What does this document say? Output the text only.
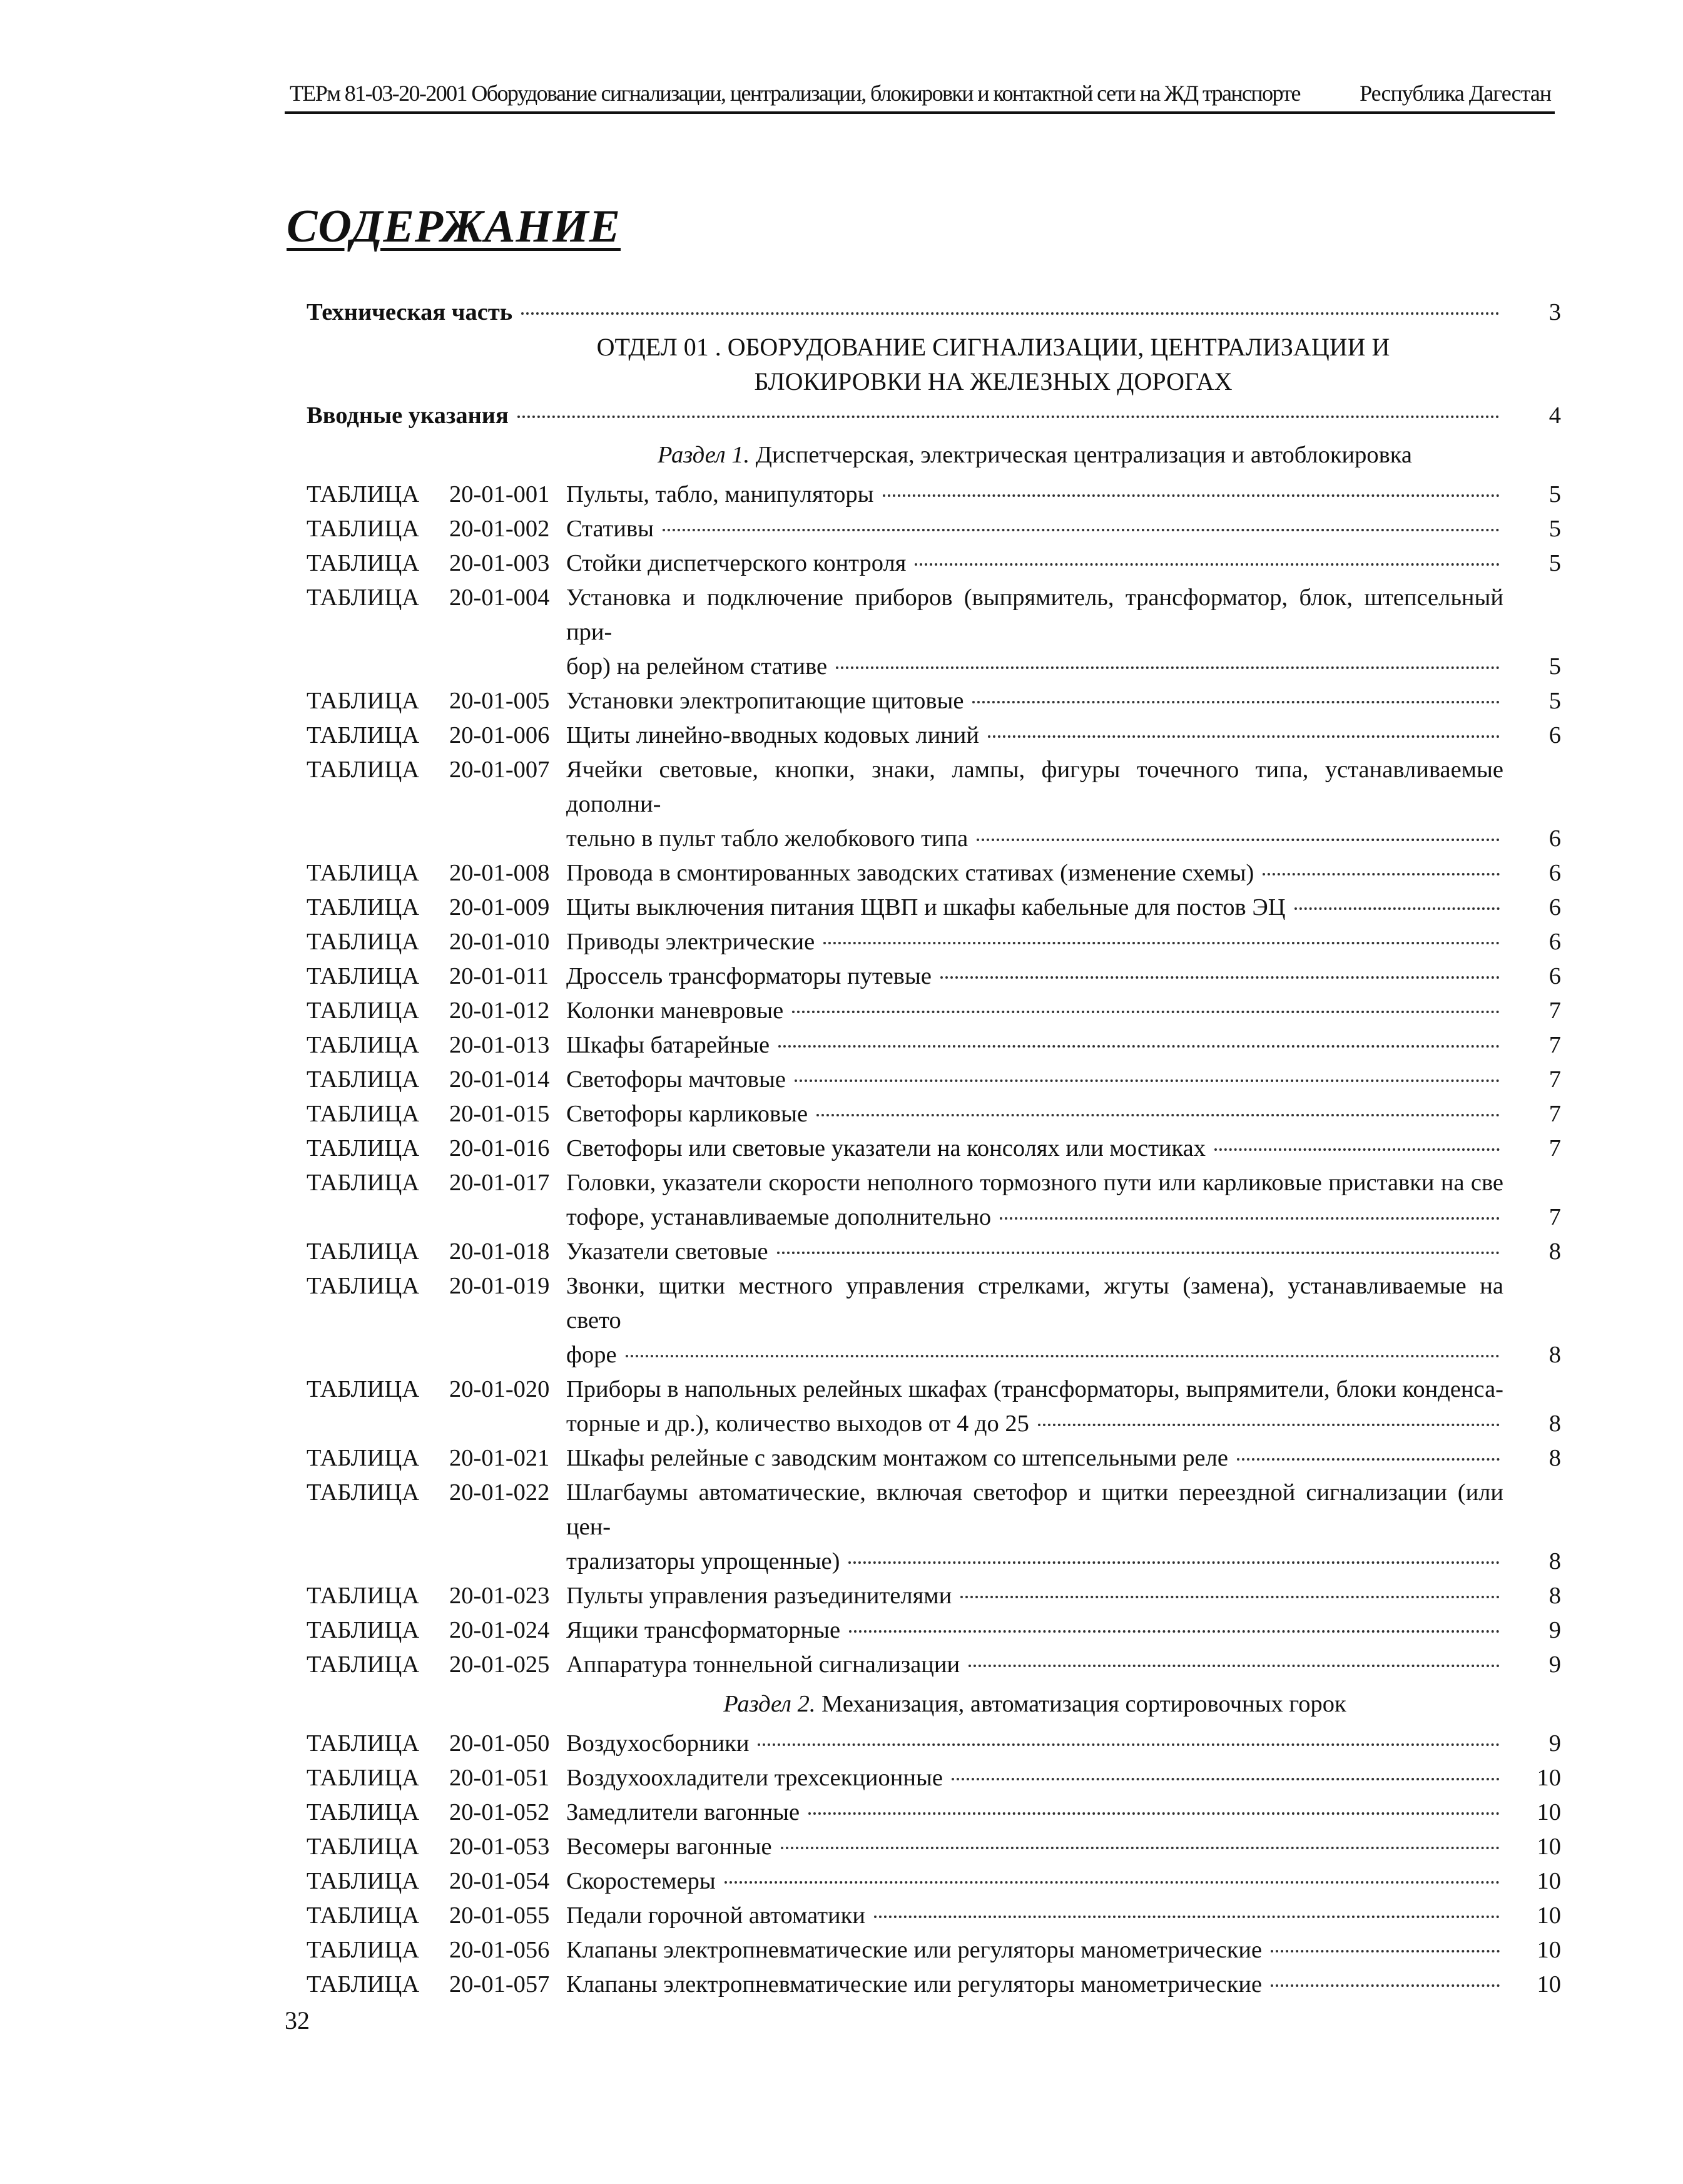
ТЕРм 81-03-20-2001 Оборудование сигнализации, централизации, блокировки и контактной сети на ЖД транспорте	Республика Дагестан
СОДЕРЖАНИЕ
Техническая часть	3
ОТДЕЛ 01 . ОБОРУДОВАНИЕ СИГНАЛИЗАЦИИ, ЦЕНТРАЛИЗАЦИИ И
БЛОКИРОВКИ НА ЖЕЛЕЗНЫХ ДОРОГАХ
Вводные указания	4
Раздел 1. Диспетчерская, электрическая централизация и автоблокировка
ТАБЛИЦА 20-01-001 Пульты, табло, манипуляторы	5
ТАБЛИЦА 20-01-002 Стативы	5
ТАБЛИЦА 20-01-003 Стойки диспетчерского контроля	5
ТАБЛИЦА 20-01-004 Установка и подключение приборов (выпрямитель, трансформатор, блок, штепсельный при-
бор) на релейном стативе	5
ТАБЛИЦА 20-01-005 Установки электропитающие щитовые	5
ТАБЛИЦА 20-01-006 Щиты линейно-вводных кодовых линий	6
ТАБЛИЦА 20-01-007 Ячейки световые, кнопки, знаки, лампы, фигуры точечного типа, устанавливаемые дополни-
тельно в пульт табло желобкового типа	6
ТАБЛИЦА 20-01-008 Провода в смонтированных заводских стативах (изменение схемы)	6
ТАБЛИЦА 20-01-009 Щиты выключения питания ЩВП и шкафы кабельные для постов ЭЦ	6
ТАБЛИЦА 20-01-010 Приводы электрические	6
ТАБЛИЦА 20-01-011 Дроссель трансформаторы путевые	6
ТАБЛИЦА 20-01-012 Колонки маневровые	7
ТАБЛИЦА 20-01-013 Шкафы батарейные	7
ТАБЛИЦА 20-01-014 Светофоры мачтовые	7
ТАБЛИЦА 20-01-015 Светофоры карликовые	7
ТАБЛИЦА 20-01-016 Светофоры или световые указатели на консолях или мостиках	7
ТАБЛИЦА 20-01-017 Головки, указатели скорости неполного тормозного пути или карликовые приставки на све
тофоре, устанавливаемые дополнительно	7
ТАБЛИЦА 20-01-018 Указатели световые	8
ТАБЛИЦА 20-01-019 Звонки, щитки местного управления стрелками, жгуты (замена), устанавливаемые на свето
форе	8
ТАБЛИЦА 20-01-020 Приборы в напольных релейных шкафах (трансформаторы, выпрямители, блоки конденса-
торные и др.), количество выходов от 4 до 25	8
ТАБЛИЦА 20-01-021 Шкафы релейные с заводским монтажом со штепсельными реле	8
ТАБЛИЦА 20-01-022 Шлагбаумы автоматические, включая светофор и щитки переездной сигнализации (или цен-
трализаторы упрощенные)	8
ТАБЛИЦА 20-01-023 Пульты управления разъединителями	8
ТАБЛИЦА 20-01-024 Ящики трансформаторные	9
ТАБЛИЦА 20-01-025 Аппаратура тоннельной сигнализации	9
Раздел 2. Механизация, автоматизация сортировочных горок
ТАБЛИЦА 20-01-050 Воздухосборники	9
ТАБЛИЦА 20-01-051 Воздухоохладители трехсекционные	10
ТАБЛИЦА 20-01-052 Замедлители вагонные	10
ТАБЛИЦА 20-01-053 Весомеры вагонные	10
ТАБЛИЦА 20-01-054 Скоростемеры	10
ТАБЛИЦА 20-01-055 Педали горочной автоматики	10
ТАБЛИЦА 20-01-056 Клапаны электропневматические или регуляторы манометрические	10
ТАБЛИЦА 20-01-057 Клапаны электропневматические или регуляторы манометрические	10
32
